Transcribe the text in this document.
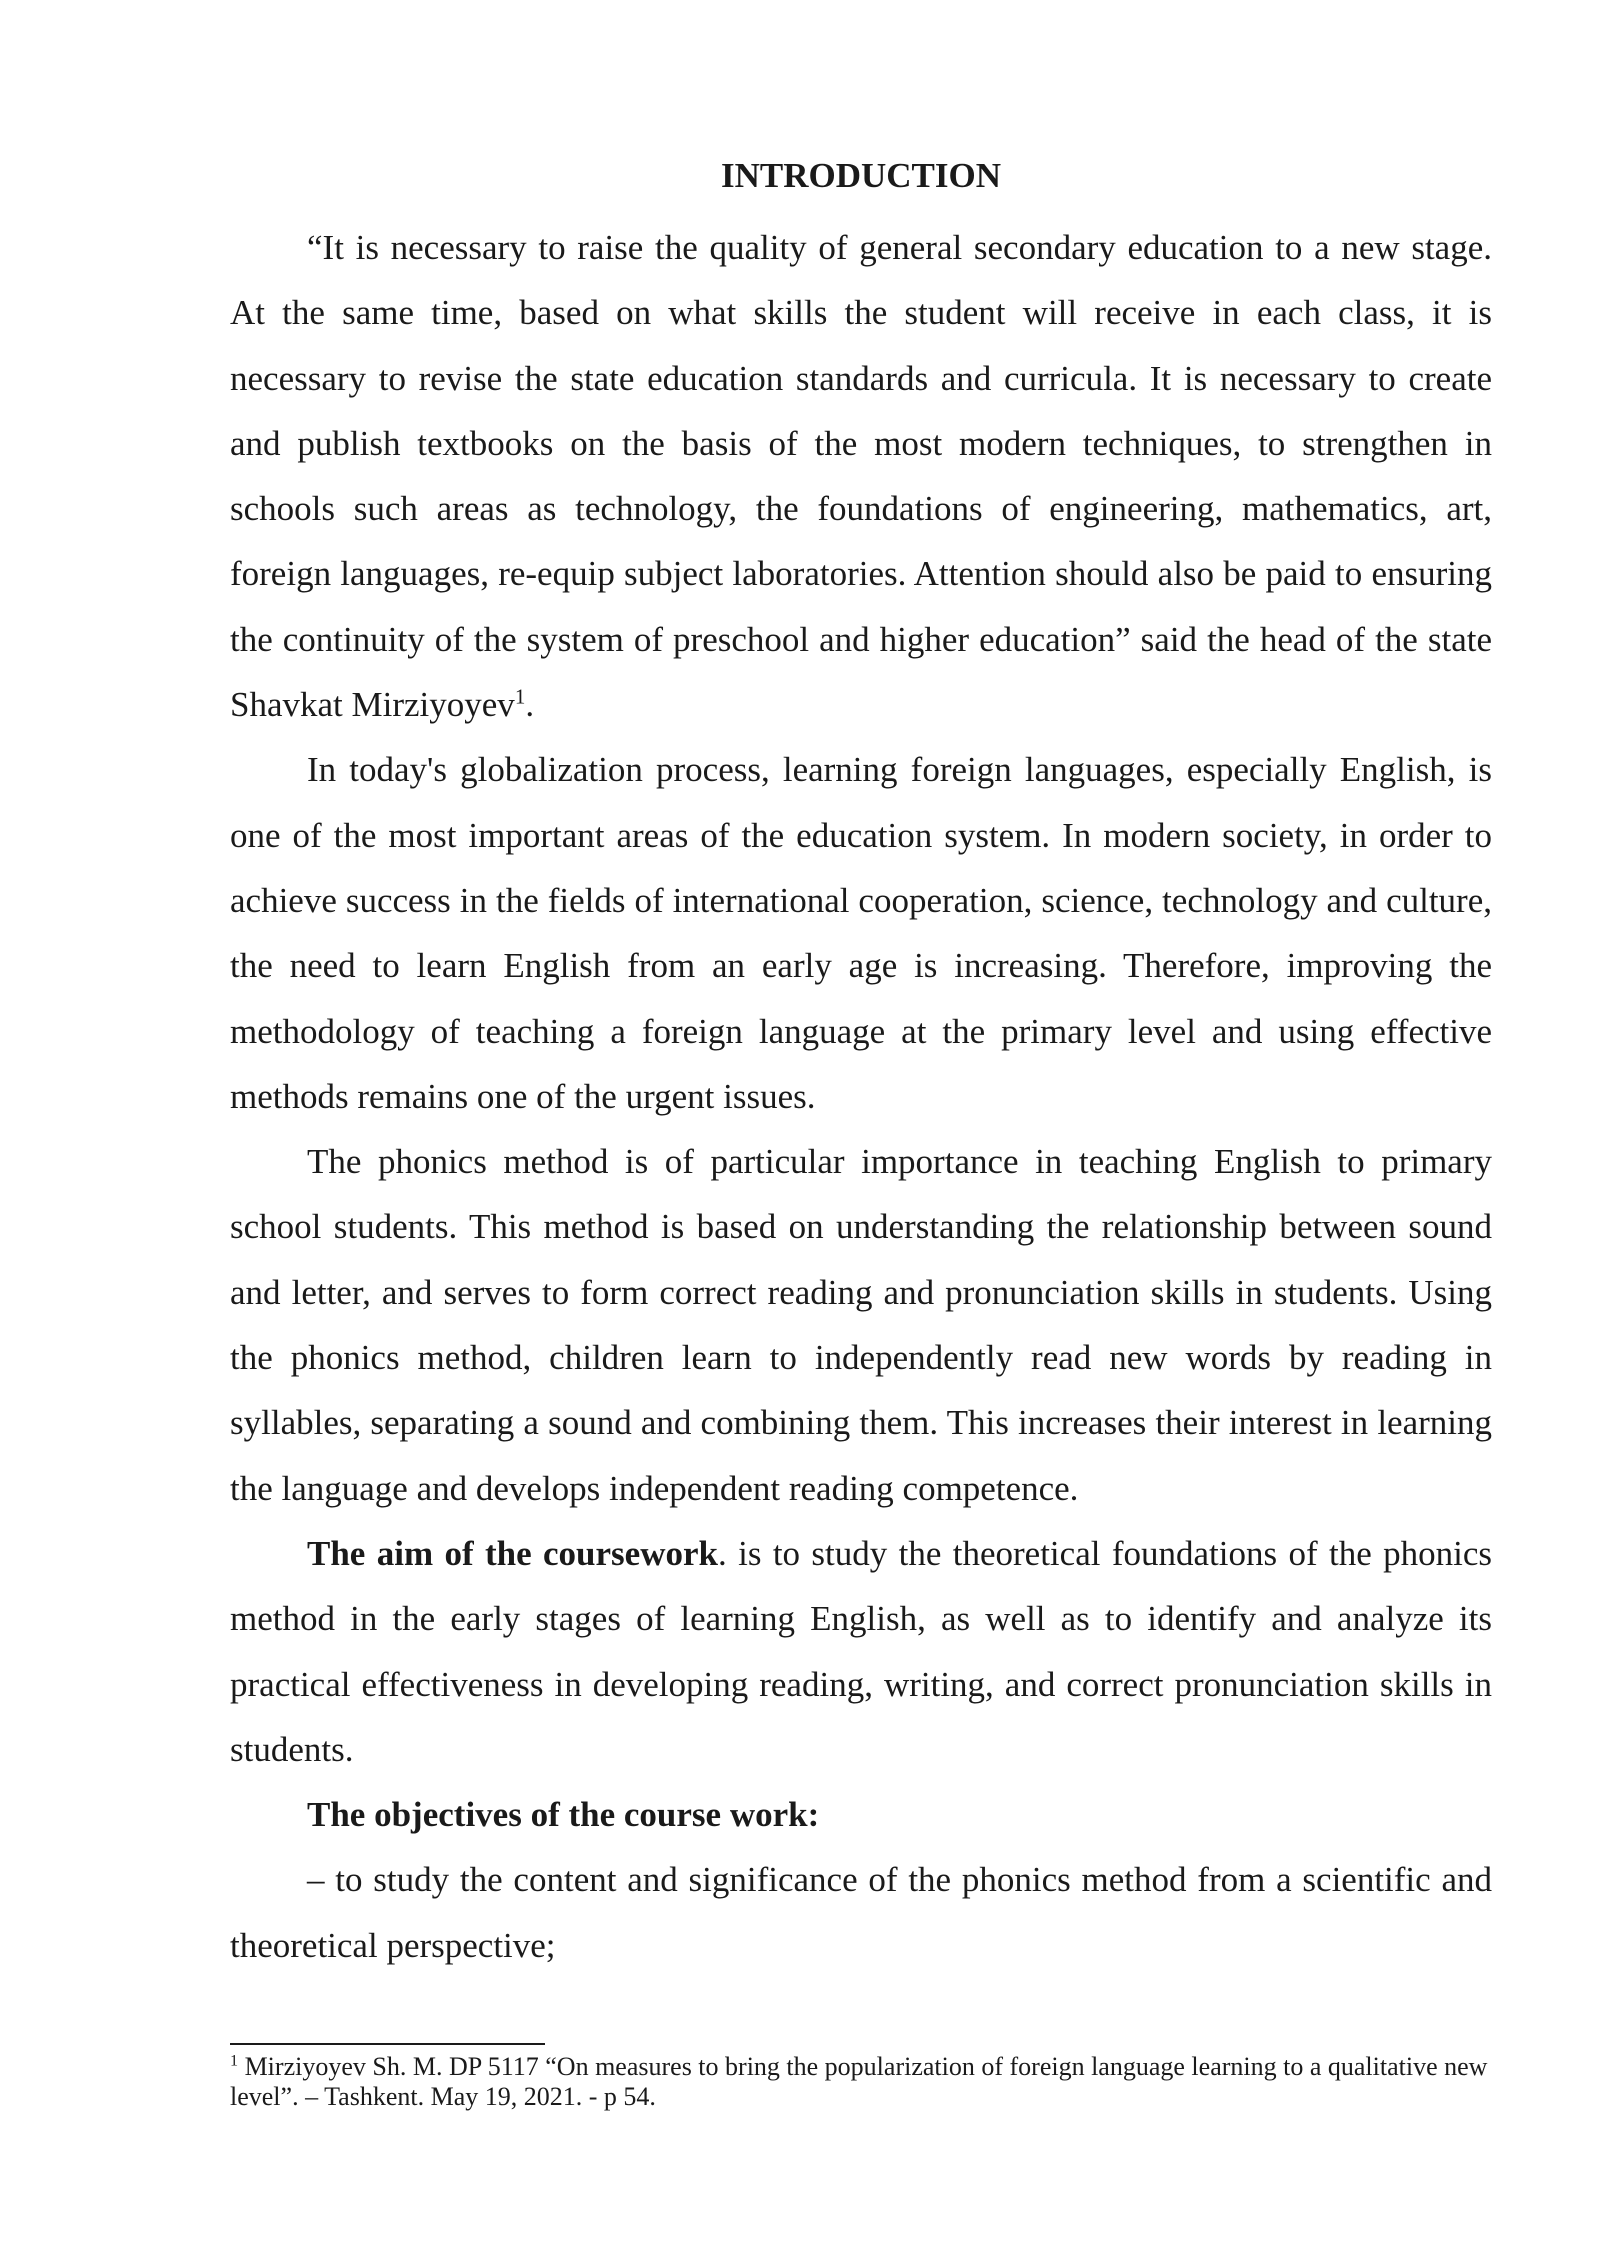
INTRODUCTION

“It is necessary to raise the quality of general secondary education to a new stage. At the same time, based on what skills the student will receive in each class, it is necessary to revise the state education standards and curricula. It is necessary to create and publish textbooks on the basis of the most modern techniques, to strengthen in schools such areas as technology, the foundations of engineering, mathematics, art, foreign languages, re-equip subject laboratories. Attention should also be paid to ensuring the continuity of the system of preschool and higher education” said the head of the state Shavkat Mirziyoyev$^1$.

In today's globalization process, learning foreign languages, especially English, is one of the most important areas of the education system. In modern society, in order to achieve success in the fields of international cooperation, science, technology and culture, the need to learn English from an early age is increasing. Therefore, improving the methodology of teaching a foreign language at the primary level and using effective methods remains one of the urgent issues.

The phonics method is of particular importance in teaching English to primary school students. This method is based on understanding the relationship between sound and letter, and serves to form correct reading and pronunciation skills in students. Using the phonics method, children learn to independently read new words by reading in syllables, separating a sound and combining them. This increases their interest in learning the language and develops independent reading competence.

The aim of the coursework. is to study the theoretical foundations of the phonics method in the early stages of learning English, as well as to identify and analyze its practical effectiveness in developing reading, writing, and correct pronunciation skills in students.

The objectives of the course work:

– to study the content and significance of the phonics method from a scientific and theoretical perspective;

$^1$ Mirziyoyev Sh. M. DP 5117 “On measures to bring the popularization of foreign language learning to a qualitative new level”. – Tashkent. May 19, 2021. - p 54.
